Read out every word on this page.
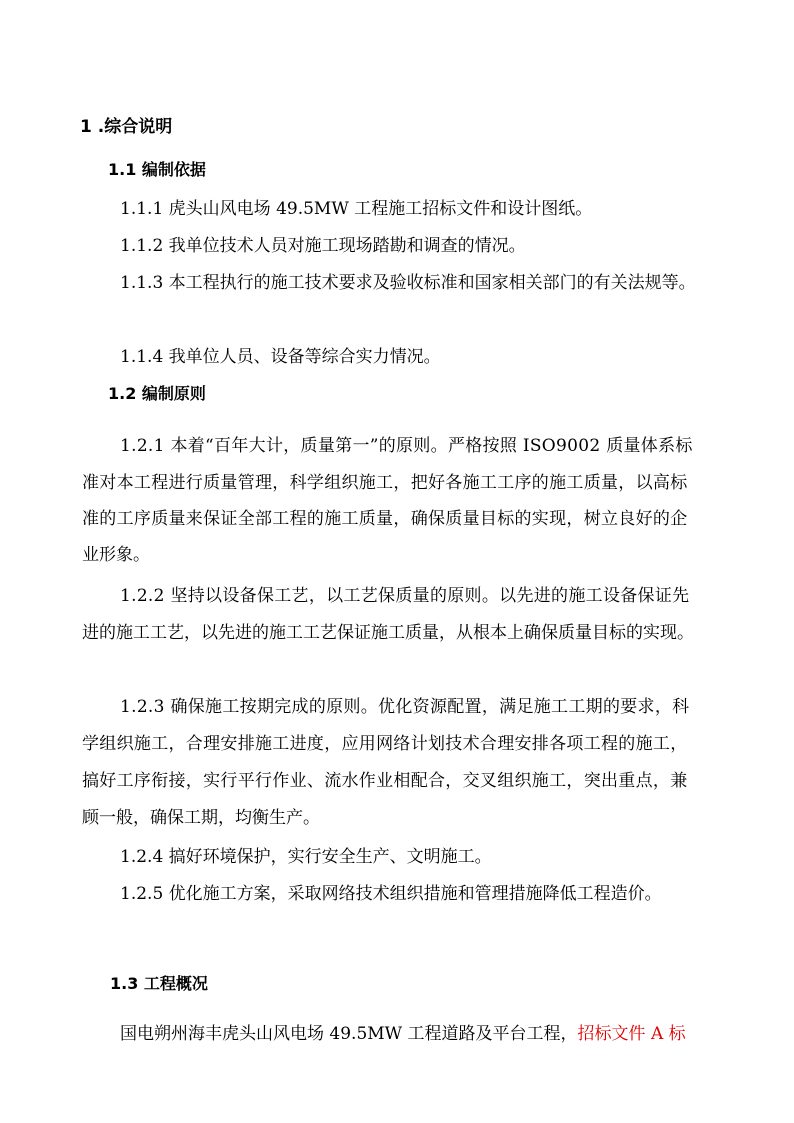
1 .综合说明
1.1 编制依据
1.1.1 虎头山风电场 49.5MW 工程施工招标文件和设计图纸。
1.1.2 我单位技术人员对施工现场踏勘和调查的情况。
1.1.3 本工程执行的施工技术要求及验收标准和国家相关部门的有关法规等。
1.1.4 我单位人员、设备等综合实力情况。
1.2 编制原则
1.2.1 本着“百年大计，质量第一”的原则。严格按照 ISO9002 质量体系标
准对本工程进行质量管理，科学组织施工，把好各施工工序的施工质量，以高标
准的工序质量来保证全部工程的施工质量，确保质量目标的实现，树立良好的企
业形象。
1.2.2 坚持以设备保工艺，以工艺保质量的原则。以先进的施工设备保证先
进的施工工艺，以先进的施工工艺保证施工质量，从根本上确保质量目标的实现。
1.2.3 确保施工按期完成的原则。优化资源配置，满足施工工期的要求，科
学组织施工，合理安排施工进度，应用网络计划技术合理安排各项工程的施工，
搞好工序衔接，实行平行作业、流水作业相配合，交叉组织施工，突出重点，兼
顾一般，确保工期，均衡生产。
1.2.4 搞好环境保护，实行安全生产、文明施工。
1.2.5 优化施工方案，采取网络技术组织措施和管理措施降低工程造价。
1.3 工程概况
国电朔州海丰虎头山风电场 49.5MW 工程道路及平台工程，招标文件 A 标
